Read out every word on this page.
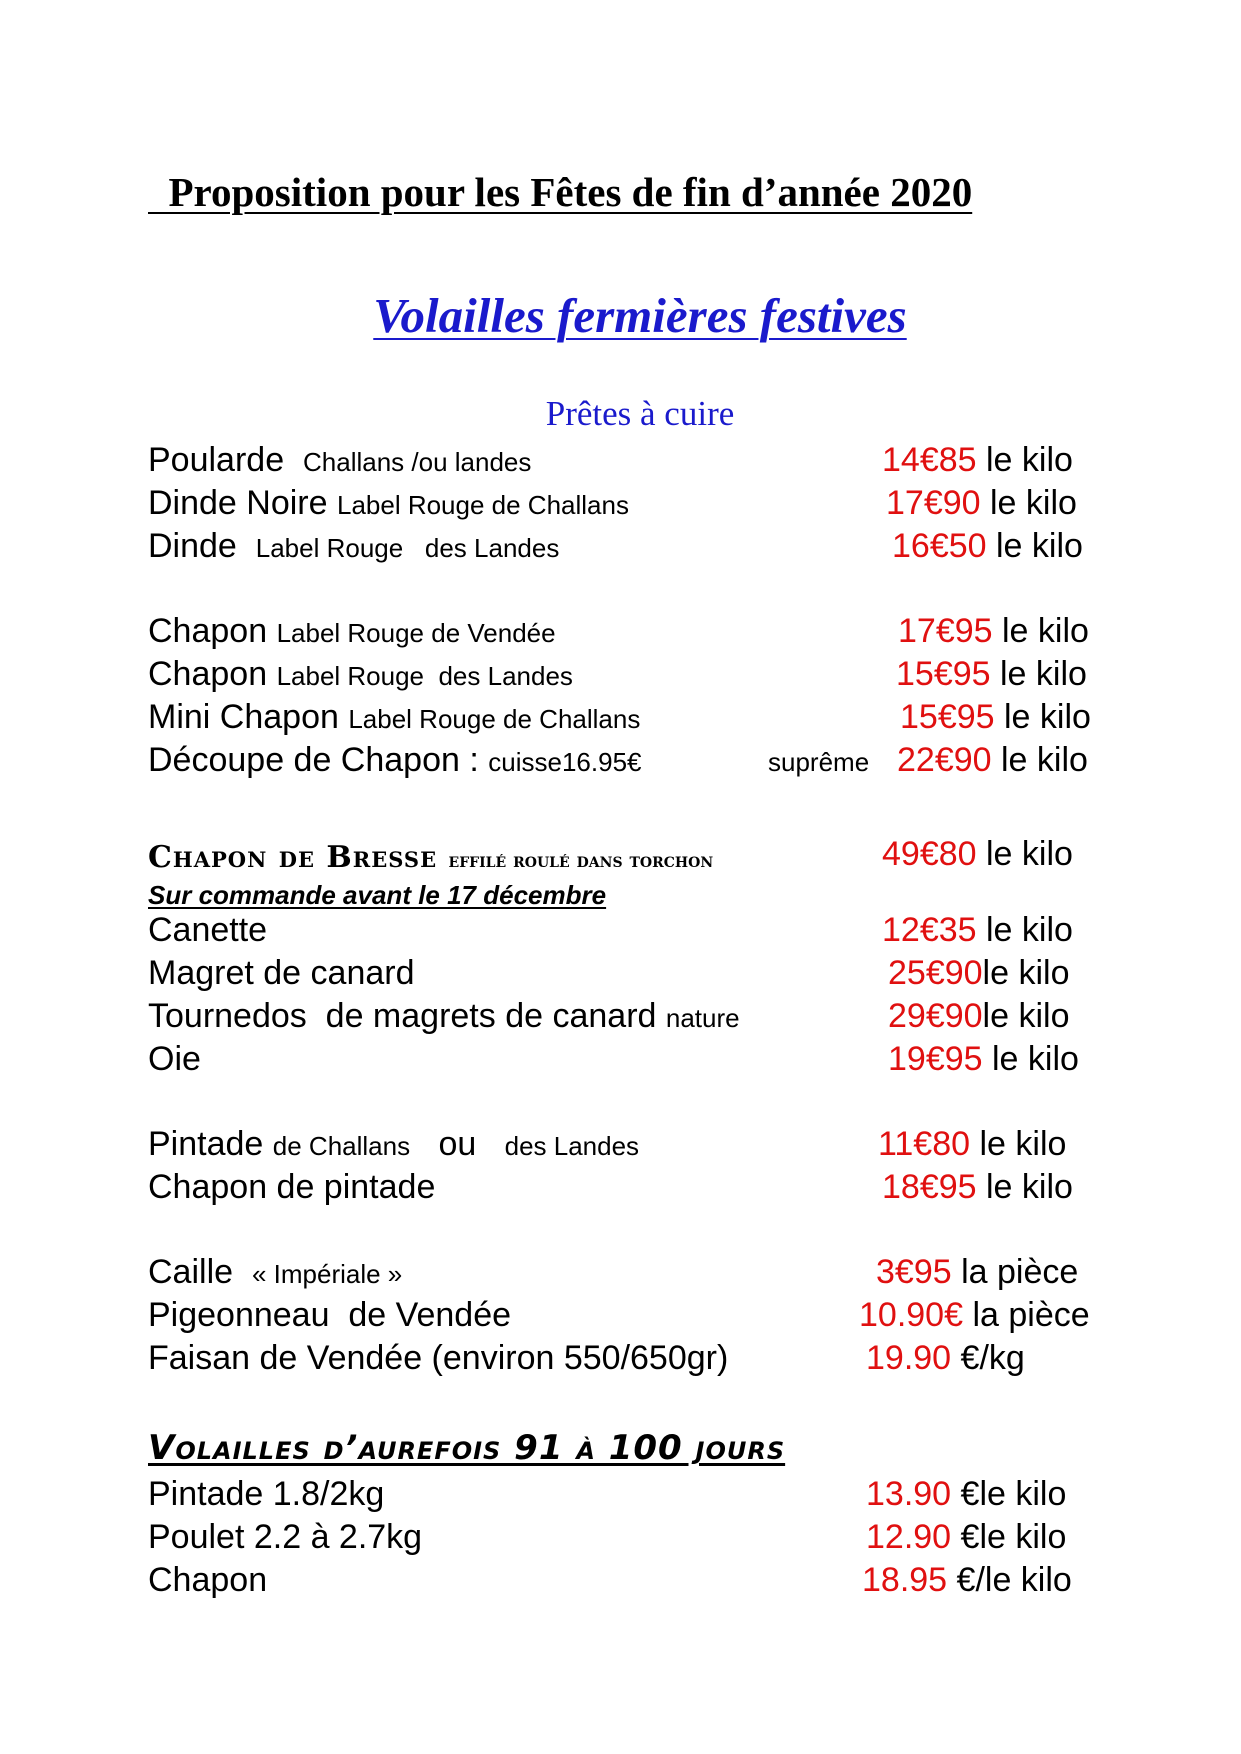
Proposition pour les Fêtes de fin d’année 2020
Volailles fermières festives
Prêtes à cuire
Poularde Challans /ou landes	14€85 le kilo
Dinde Noire Label Rouge de Challans	17€90 le kilo
Dinde Label Rouge   des Landes	16€50 le kilo
Chapon Label Rouge de Vendée	17€95 le kilo
Chapon Label Rouge  des Landes	15€95 le kilo
Mini Chapon Label Rouge de Challans	15€95 le kilo
Découpe de Chapon : cuisse16.95€	suprême 22€90 le kilo
Chapon de Bresse effilé roulé dans torchon	49€80 le kilo
Sur commande avant le 17 décembre
Canette	12€35 le kilo
Magret de canard	25€90le kilo
Tournedos  de magrets de canard nature	29€90le kilo
Oie	19€95 le kilo
Pintade de Challans ou des Landes	11€80 le kilo
Chapon de pintade	18€95 le kilo
Caille « Impériale »	3€95 la pièce
Pigeonneau  de Vendée	10.90€ la pièce
Faisan de Vendée (environ 550/650gr)	19.90 €/kg
Volailles d’aurefois 91 à 100 jours
Pintade 1.8/2kg	13.90 €le kilo
Poulet 2.2 à 2.7kg	12.90 €le kilo
Chapon	18.95 €/le kilo
